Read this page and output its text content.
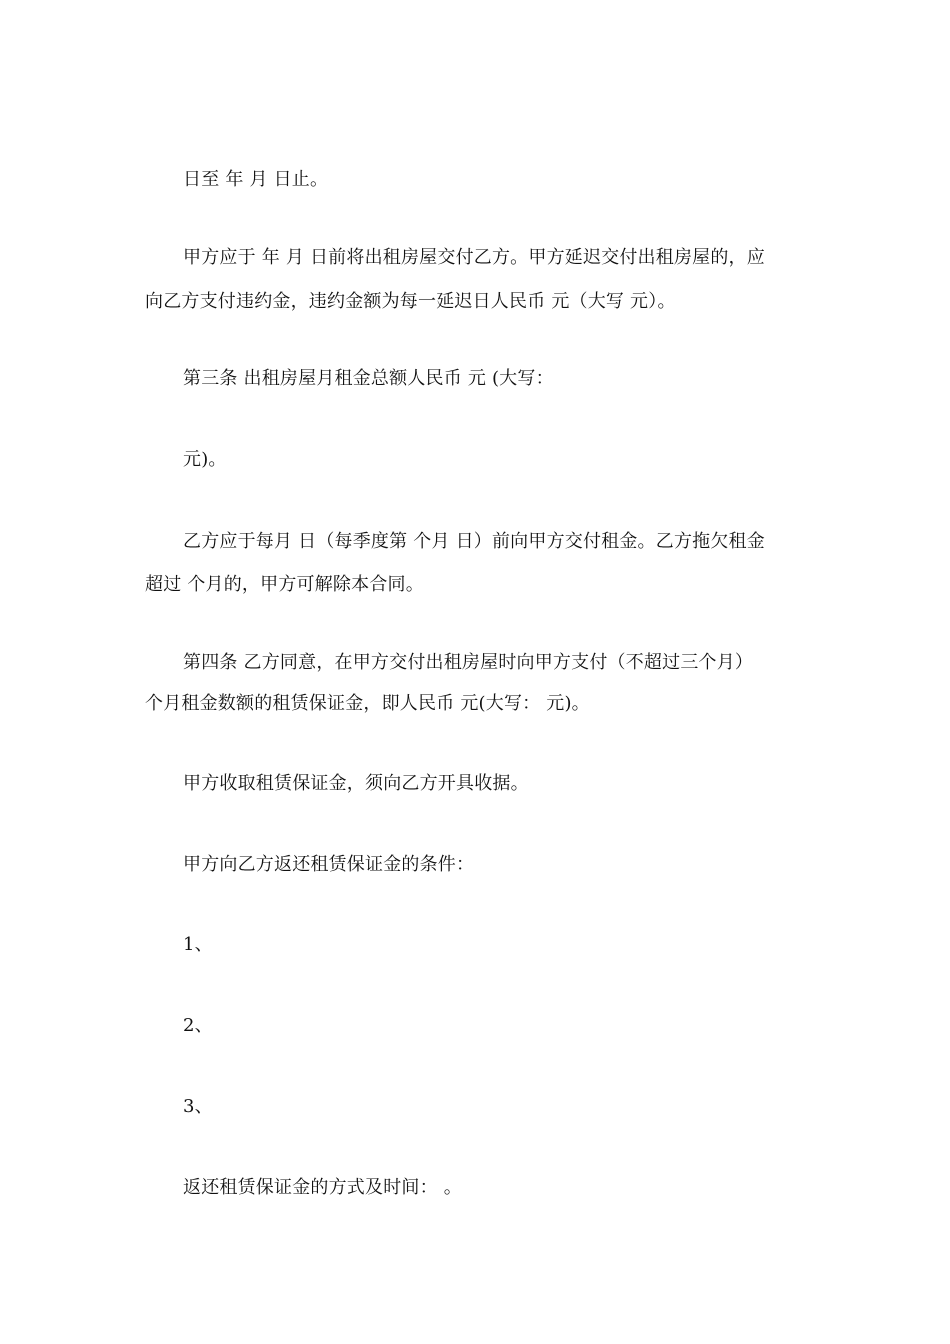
日至 年 月 日止。
甲方应于 年 月 日前将出租房屋交付乙方。甲方延迟交付出租房屋的，应
向乙方支付违约金，违约金额为每一延迟日人民币 元（大写 元）。
第三条 出租房屋月租金总额人民币 元 (大写：
元)。
乙方应于每月 日（每季度第 个月 日）前向甲方交付租金。乙方拖欠租金
超过 个月的，甲方可解除本合同。
第四条 乙方同意，在甲方交付出租房屋时向甲方支付（不超过三个月）
个月租金数额的租赁保证金，即人民币 元(大写： 元)。
甲方收取租赁保证金，须向乙方开具收据。
甲方向乙方返还租赁保证金的条件：
1、
2、
3、
返还租赁保证金的方式及时间： 。
